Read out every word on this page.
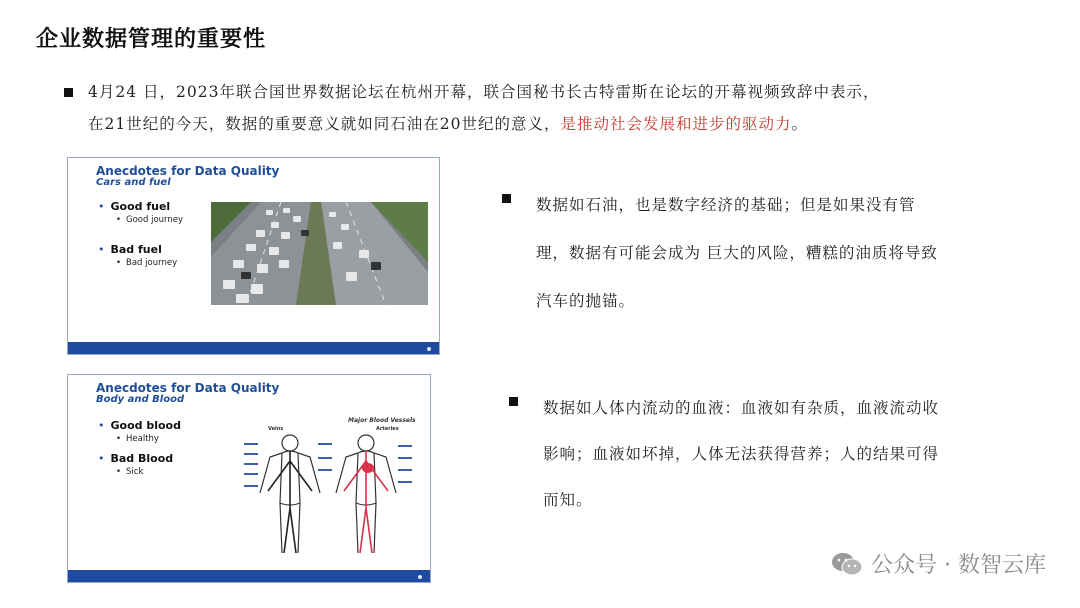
企业数据管理的重要性
4月24 日，2023年联合国世界数据论坛在杭州开幕，联合国秘书长古特雷斯在论坛的开幕视频致辞中表示，
在21世纪的今天，数据的重要意义就如同石油在20世纪的意义，是推动社会发展和进步的驱动力。
Anecdotes for Data Quality
Cars and fuel
• Good fuel
• Good journey
• Bad fuel
• Bad journey
数据如石油，也是数字经济的基础；但是如果没有管
理，数据有可能会成为 巨大的风险，糟糕的油质将导致
汽车的抛锚。
Anecdotes for Data Quality
Body and Blood
• Good blood
• Healthy
• Bad Blood
• Sick
Major Blood Vessels
Veins	Arteries
数据如人体内流动的血液：血液如有杂质，血液流动收
影响；血液如坏掉，人体无法获得营养；人的结果可得
而知。
公众号 · 数智云库
